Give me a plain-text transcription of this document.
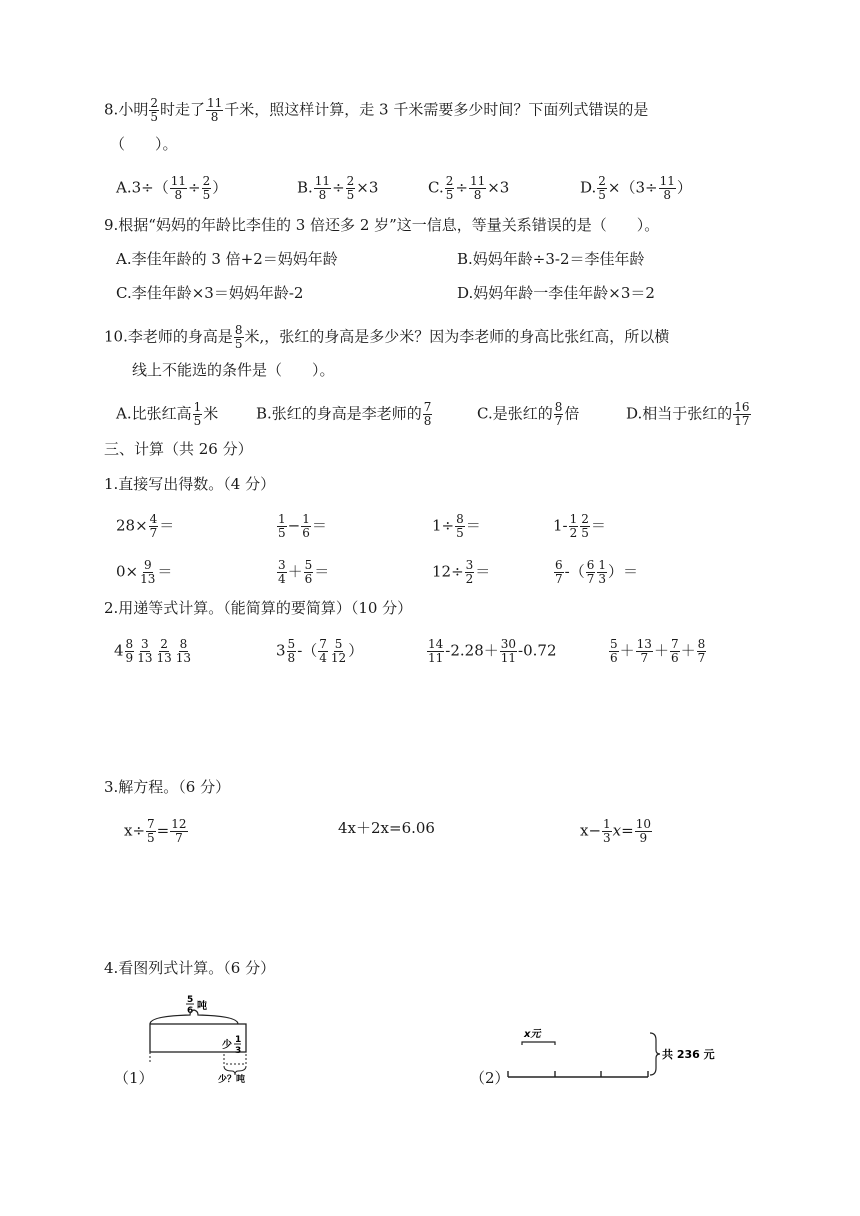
8.小明 $\frac{2}{5}$ 时走了 $\frac{11}{8}$ 千米，照这样计算，走 3 千米需要多少时间？下面列式错误的是
（　　）。
$A.3\div( \frac{11}{8} \div \frac{2}{5}$ ）	B. $\frac{11}{8} \div \frac{2}{5} \times 3$	C. $\frac{2}{5} \div \frac{11}{8} \times 3$	D. $\frac{2}{5} \times(3\div \frac{11}{8}$ ）
9.根据“妈妈的年龄比李佳的 3 倍还多 2 岁”这一信息，等量关系错误的是（　　）。
A.李佳年龄的 3 倍+2＝妈妈年龄	B.妈妈年龄÷3-2＝李佳年龄
C.李佳年龄×3＝妈妈年龄-2	D.妈妈年龄一李佳年龄×3＝2
10.李老师的身高是 $\frac{8}{5}$ 米,，张红的身高是多少米？因为李老师的身高比张红高，所以横
线上不能选的条件是（　　）。
A.比张红高 $\frac{1}{5}$ 米	B.张红的身高是李老师的 $\frac{7}{8}$	C.是张红的 $\frac{8}{7}$ 倍	D.相当于张红的 $\frac{16}{17}$
三、计算（共 26 分）
1.直接写出得数。（4 分）
$28\times \frac{4}{7}$ ＝	$\frac{1}{5} - \frac{1}{6}$ ＝	$1\div \frac{8}{5}$ ＝	$1- \frac{1}{2} \frac{2}{5}$ ＝
$0\times \frac{9}{13}$ ＝	$\frac{3}{4} + \frac{5}{6}$ ＝	$12\div \frac{3}{2}$ ＝	$\frac{6}{7}$ -（ $\frac{6}{7} \frac{1}{3}$ ）＝
2.用递等式计算。（能简算的要简算）（10 分）
$4 \frac{8}{9} \frac{3}{13} \frac{2}{13} \frac{8}{13}$	$3 \frac{5}{8}$ -（ $\frac{7}{4} \frac{5}{12}$ ）	$\frac{14}{11} -2.28+ \frac{30}{11} -0.72$	$\frac{5}{6} + \frac{13}{7} + \frac{7}{6} + \frac{8}{7}$
3.解方程。（6 分）
$x\div \frac{7}{5} = \frac{12}{7}$	4x＋2x=6.06	$x- \frac{1}{3} x= \frac{10}{9}$
4.看图列式计算。（6 分）
（1）
5
6 吨
少 1
3
少？吨	（2）
x元
共 236 元
